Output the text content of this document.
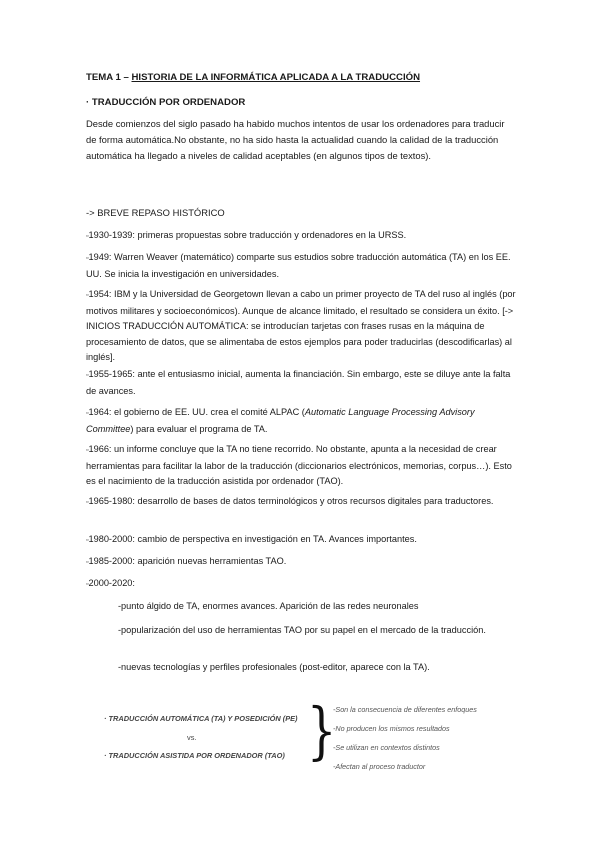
TEMA 1 – HISTORIA DE LA INFORMÁTICA APLICADA A LA TRADUCCIÓN
· TRADUCCIÓN POR ORDENADOR
Desde comienzos del siglo pasado ha habido muchos intentos de usar los ordenadores para traducir de forma automática.No obstante, no ha sido hasta la actualidad cuando la calidad de la traducción automática ha llegado a niveles de calidad aceptables (en algunos tipos de textos).
-> BREVE REPASO HISTÓRICO
▫1930-1939: primeras propuestas sobre traducción y ordenadores en la URSS.
▫1949: Warren Weaver (matemático) comparte sus estudios sobre traducción automática (TA) en los EE. UU. Se inicia la investigación en universidades.
▫1954: IBM y la Universidad de Georgetown llevan a cabo un primer proyecto de TA del ruso al inglés (por motivos militares y socioeconómicos). Aunque de alcance limitado, el resultado se considera un éxito. [-> INICIOS TRADUCCIÓN AUTOMÁTICA: se introducían tarjetas con frases rusas en la máquina de procesamiento de datos, que se alimentaba de estos ejemplos para poder traducirlas (descodificarlas) al inglés].
▫1955-1965: ante el entusiasmo inicial, aumenta la financiación. Sin embargo, este se diluye ante la falta de avances.
▫1964: el gobierno de EE. UU. crea el comité ALPAC (Automatic Language Processing Advisory Committee) para evaluar el programa de TA.
▫1966: un informe concluye que la TA no tiene recorrido. No obstante, apunta a la necesidad de crear herramientas para facilitar la labor de la traducción (diccionarios electrónicos, memorias, corpus…). Esto es el nacimiento de la traducción asistida por ordenador (TAO).
▫1965-1980: desarrollo de bases de datos terminológicos y otros recursos digitales para traductores.
▫1980-2000: cambio de perspectiva en investigación en TA. Avances importantes.
▫1985-2000: aparición nuevas herramientas TAO.
▫2000-2020:
-punto álgido de TA, enormes avances. Aparición de las redes neuronales
-popularización del uso de herramientas TAO por su papel en el mercado de la traducción.
-nuevas tecnologías y perfiles profesionales (post-editor, aparece con la TA).
· TRADUCCIÓN AUTOMÁTICA (TA) Y POSEDICIÓN (PE)
vs.
· TRADUCCIÓN ASISTIDA POR ORDENADOR (TAO) }
-Son la consecuencia de diferentes enfoques
-No producen los mismos resultados
-Se utilizan en contextos distintos
-Afectan al proceso traductor
